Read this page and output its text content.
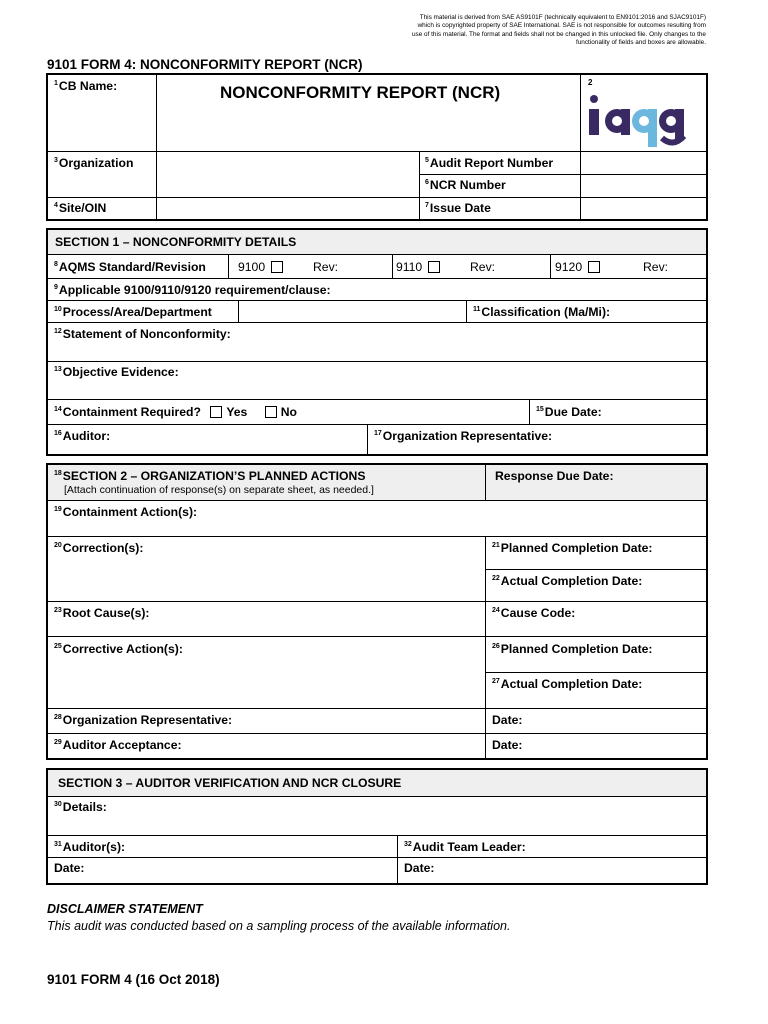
This material is derived from SAE AS9101F (technically equivalent to EN9101:2016 and SJAC9101F)
which is copyrighted property of SAE International. SAE is not responsible for outcomes resulting from
use of this material. The format and fields shall not be changed in this unlocked file. Only changes to the
functionality of fields and boxes are allowable.
9101 FORM 4: NONCONFORMITY REPORT (NCR)
$^1$CB Name:	NONCONFORMITY REPORT (NCR)
2
$^3$Organization	$^5$Audit Report Number
$^6$NCR Number
$^4$Site/OIN	$^7$Issue Date
SECTION 1 – NONCONFORMITY DETAILS
$^8$AQMS Standard/Revision	9100	Rev:	9110	Rev:	9120	Rev:
$^9$Applicable 9100/9110/9120 requirement/clause:
$^{10}$Process/Area/Department	$^{11}$Classification (Ma/Mi):
$^{12}$Statement of Nonconformity:
$^{13}$Objective Evidence:
$^{14}$Containment Required? Yes	No	$^{15}$Due Date:
$^{16}$Auditor:	$^{17}$Organization Representative:
$^{18}$SECTION 2 – ORGANIZATION’S PLANNED ACTIONS
[Attach continuation of response(s) on separate sheet, as needed.]
Response Due Date:
$^{19}$Containment Action(s):
$^{20}$Correction(s):	$^{21}$Planned Completion Date:
$^{22}$Actual Completion Date:
$^{23}$Root Cause(s):	$^{24}$Cause Code:
$^{25}$Corrective Action(s):	$^{26}$Planned Completion Date:
$^{27}$Actual Completion Date:
$^{28}$Organization Representative:	Date:
$^{29}$Auditor Acceptance:	Date:
SECTION 3 – AUDITOR VERIFICATION AND NCR CLOSURE
$^{30}$Details:
$^{31}$Auditor(s):	$^{32}$Audit Team Leader:
Date:	Date:
DISCLAIMER STATEMENT
This audit was conducted based on a sampling process of the available information.
9101 FORM 4 (16 Oct 2018)
